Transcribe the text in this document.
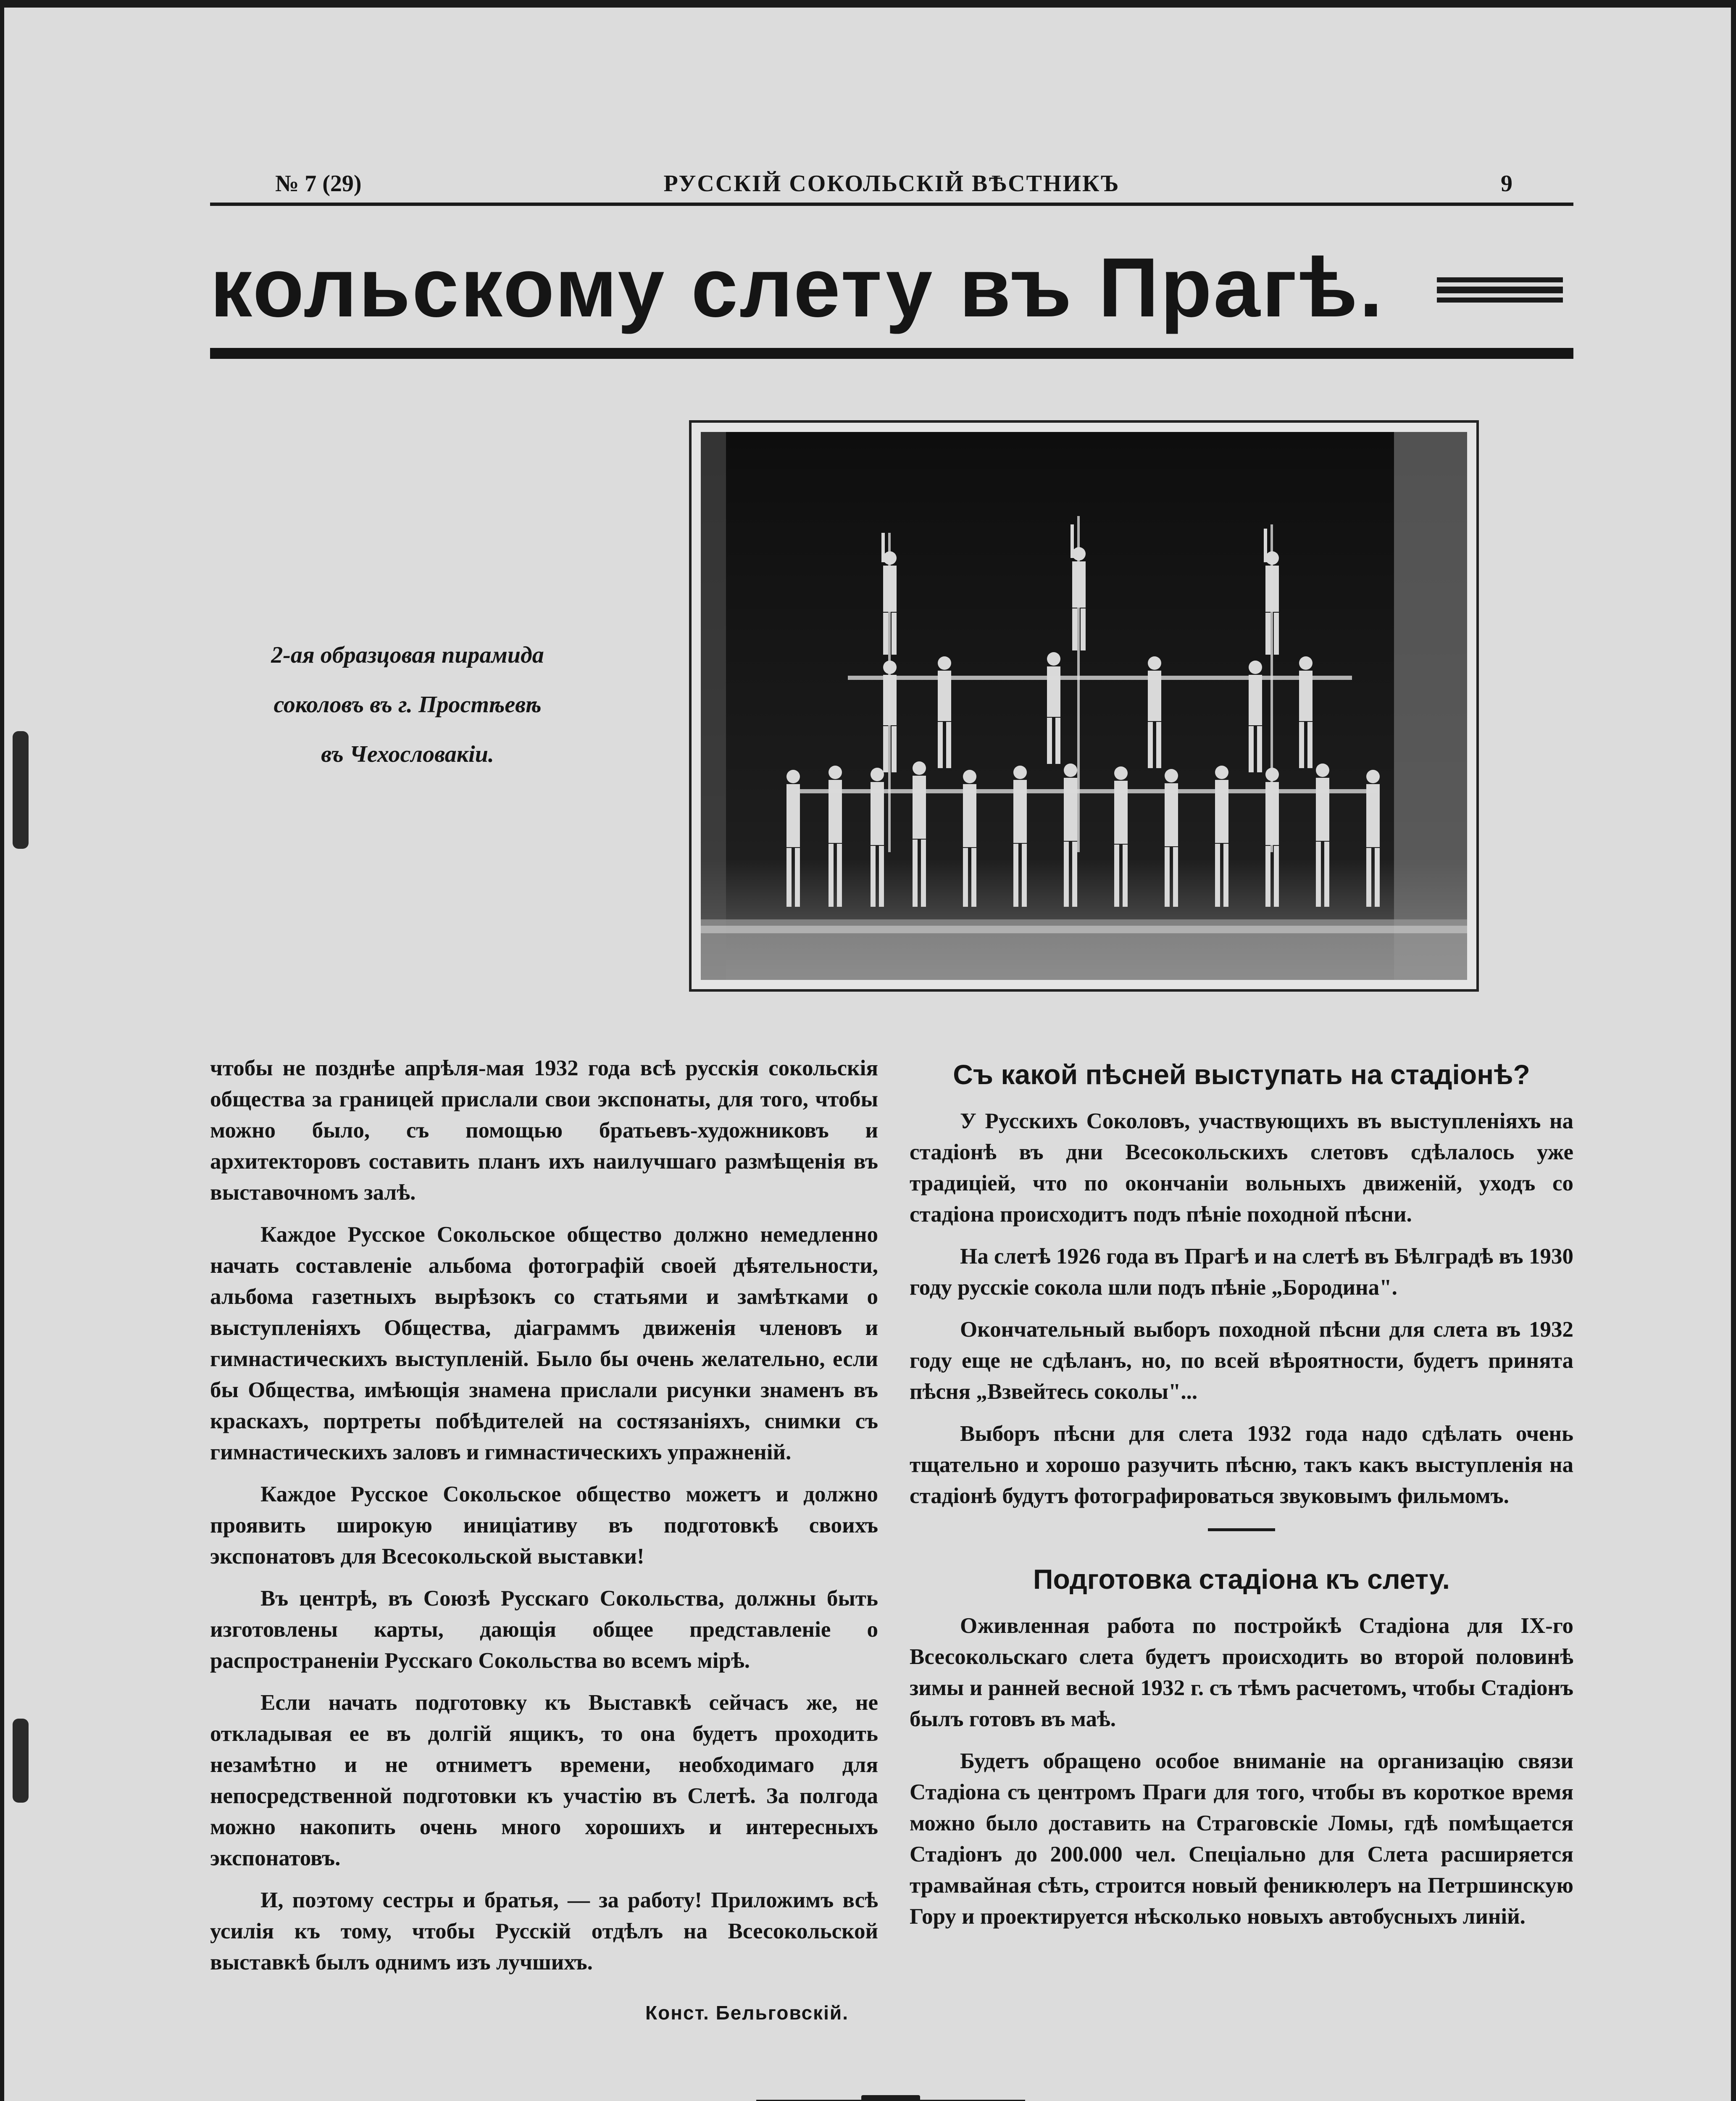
№ 7 (29)	РУССКІЙ СОКОЛЬСКІЙ ВѢСТНИКЪ	9
кольскому слету въ Прагѣ.
2-ая образцовая пирамида
соколовъ въ г. Простѣевѣ
въ Чехословакіи.

чтобы не позднѣе апрѣля-мая 1932 года всѣ русскія сокольскія общества за границей прислали свои экспонаты, для того, чтобы можно было, съ помощью братьевъ-художниковъ и архитекторовъ составить планъ ихъ наилучшаго размѣщенія въ выставочномъ залѣ.

Каждое Русское Сокольское общество должно немедленно начать составленіе альбома фотографій своей дѣятельности, альбома газетныхъ вырѣзокъ со статьями и замѣтками о выступленіяхъ Общества, діаграммъ движенія членовъ и гимнастическихъ выступленій. Было бы очень желательно, если бы Общества, имѣющія знамена прислали рисунки знаменъ въ краскахъ, портреты побѣдителей на состязаніяхъ, снимки съ гимнастическихъ заловъ и гимнастическихъ упражненій.

Каждое Русское Сокольское общество можетъ и должно проявить широкую иниціативу въ подготовкѣ своихъ экспонатовъ для Всесокольской выставки!

Въ центрѣ, въ Союзѣ Русскаго Сокольства, должны быть изготовлены карты, дающія общее представленіе о распространеніи Русскаго Сокольства во всемъ мірѣ.

Если начать подготовку къ Выставкѣ сейчасъ же, не откладывая ее въ долгій ящикъ, то она будетъ проходить незамѣтно и не отниметъ времени, необходимаго для непосредственной подготовки къ участію въ Слетѣ. За полгода можно накопить очень много хорошихъ и интересныхъ экспонатовъ.

И, поэтому сестры и братья, — за работу! Приложимъ всѣ усилія къ тому, чтобы Русскій отдѣлъ на Всесокольской выставкѣ былъ однимъ изъ лучшихъ.

Конст. Бельговскій.
Съ какой пѣсней выступать на стадіонѣ?

У Русскихъ Соколовъ, участвующихъ въ выступленіяхъ на стадіонѣ въ дни Всесокольскихъ слетовъ сдѣлалось уже традиціей, что по окончаніи вольныхъ движеній, уходъ со стадіона происходитъ подъ пѣніе походной пѣсни.

На слетѣ 1926 года въ Прагѣ и на слетѣ въ Бѣлградѣ въ 1930 году русскіе сокола шли подъ пѣніе „Бородина".

Окончательный выборъ походной пѣсни для слета въ 1932 году еще не сдѣланъ, но, по всей вѣроятности, будетъ принята пѣсня „Взвейтесь соколы"...

Выборъ пѣсни для слета 1932 года надо сдѣлать очень тщательно и хорошо разучить пѣсню, такъ какъ выступленія на стадіонѣ будутъ фотографироваться звуковымъ фильмомъ.

Подготовка стадіона къ слету.

Оживленная работа по постройкѣ Стадіона для IX-го Всесокольскаго слета будетъ происходить во второй половинѣ зимы и ранней весной 1932 г. съ тѣмъ расчетомъ, чтобы Стадіонъ былъ готовъ въ маѣ.

Будетъ обращено особое вниманіе на организацію связи Стадіона съ центромъ Праги для того, чтобы въ короткое время можно было доставить на Страговскіе Ломы, гдѣ помѣщается Стадіонъ до 200.000 чел. Спеціально для Слета расширяется трамвайная сѣть, строится новый феникюлеръ на Петршинскую Гору и проектируется нѣсколько новыхъ автобусныхъ линій.
